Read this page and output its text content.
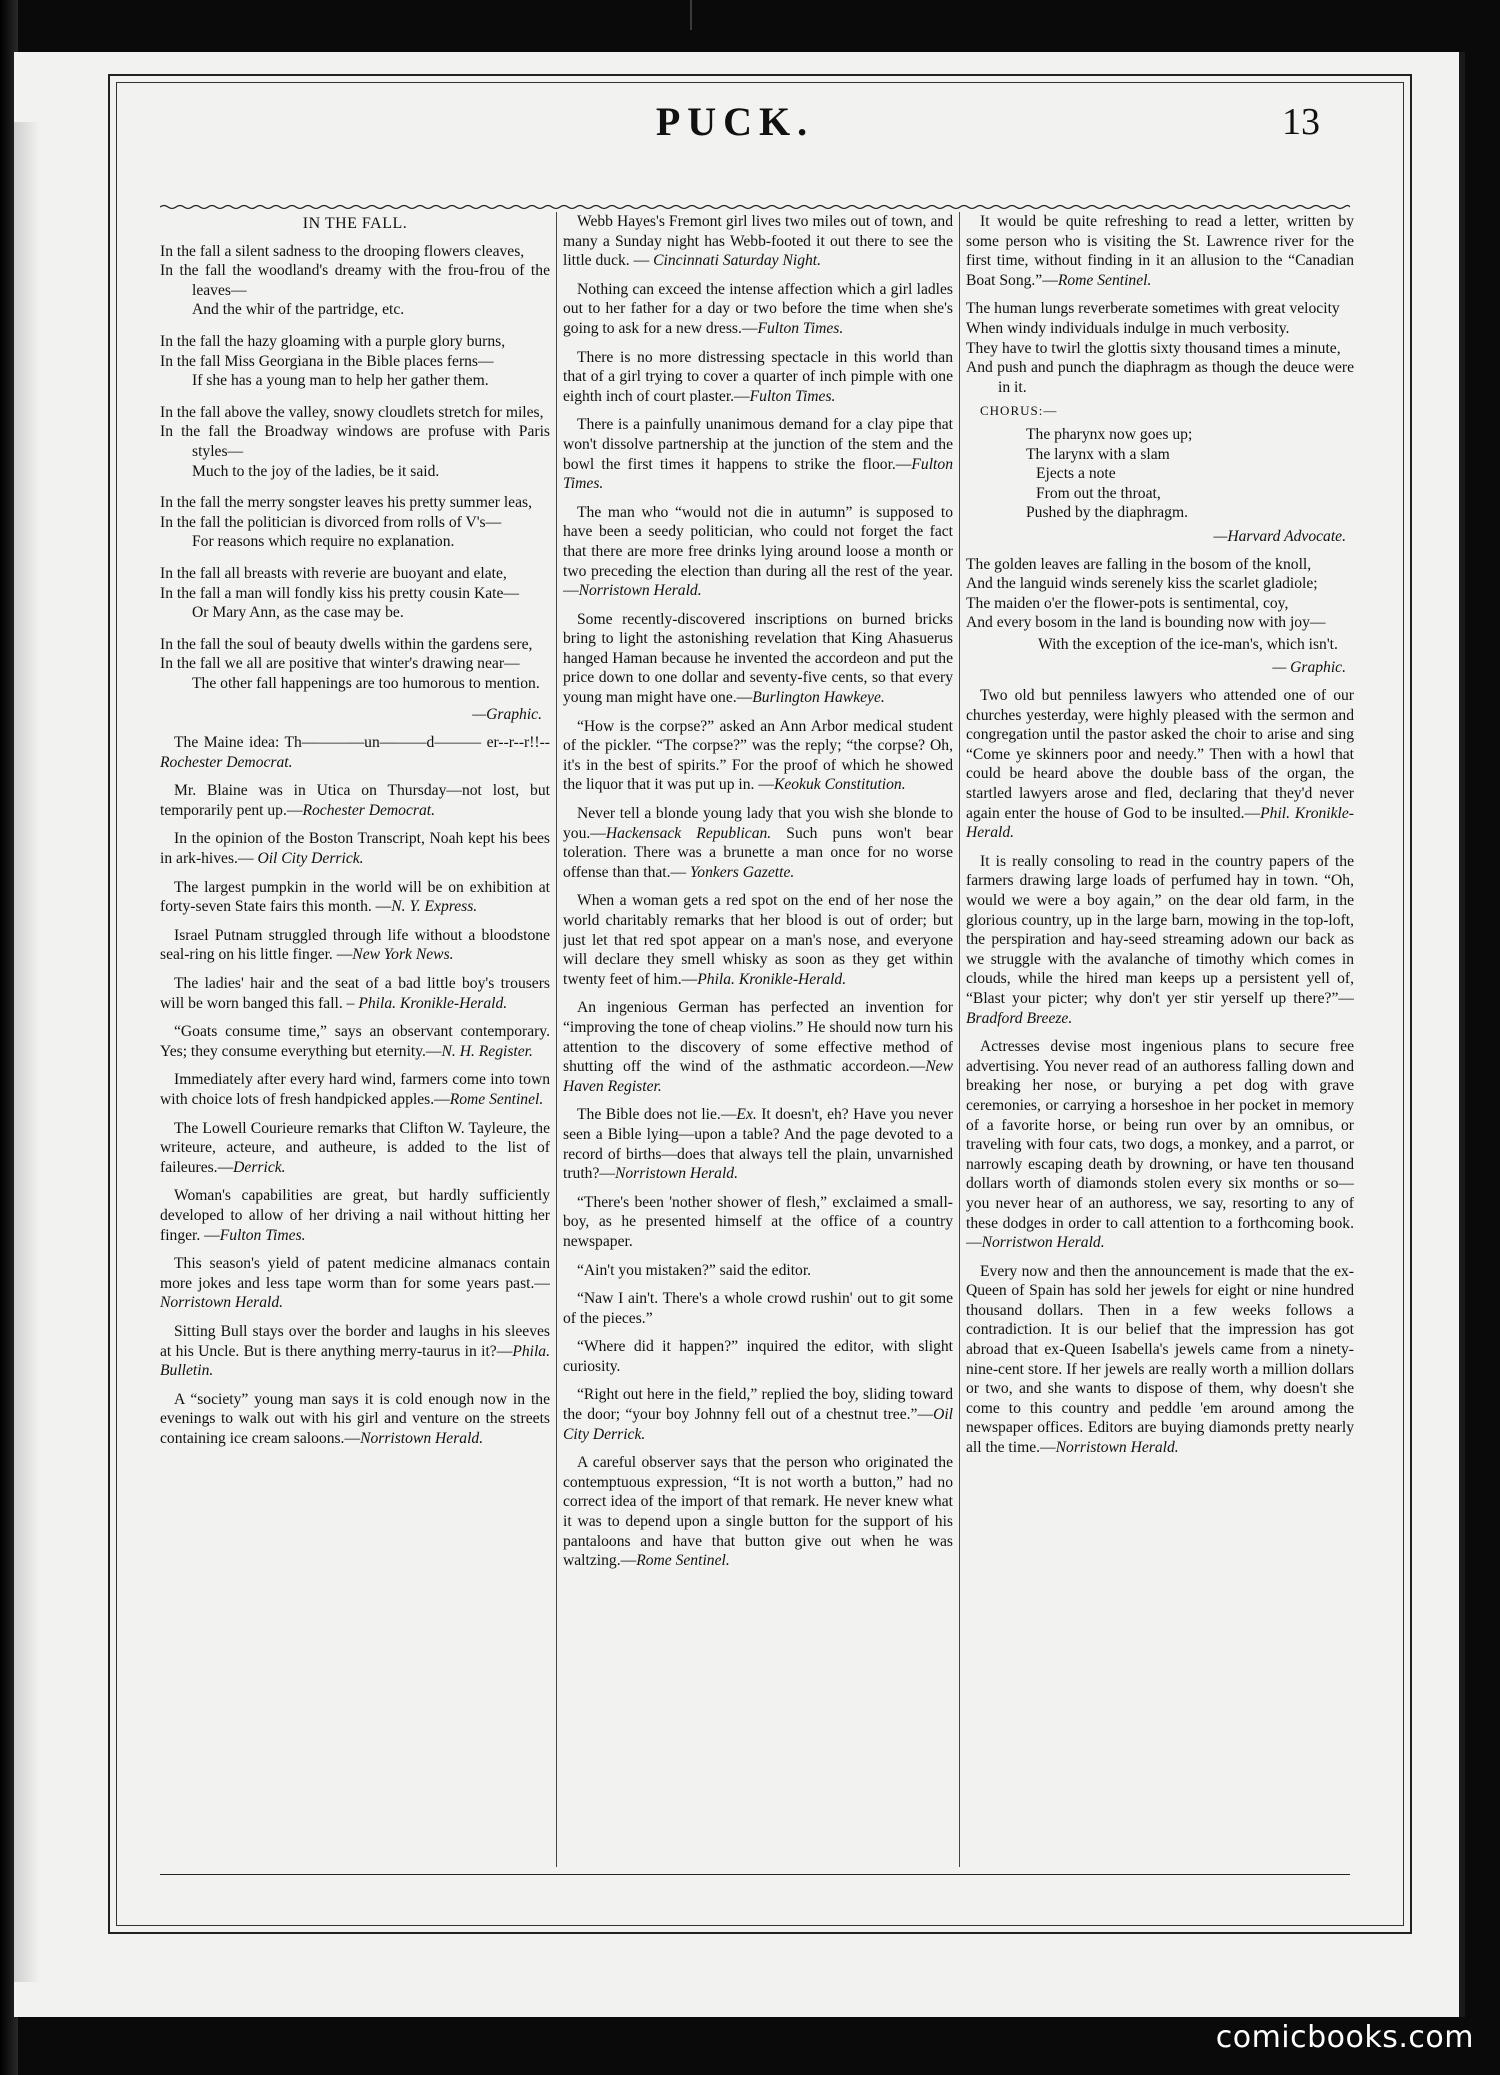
PUCK.	13
IN THE FALL.
In the fall a silent sadness to the drooping flowers cleaves,
In the fall the woodland's dreamy with the frou-frou of the leaves—
And the whir of the partridge, etc.
In the fall the hazy gloaming with a purple glory burns,
In the fall Miss Georgiana in the Bible places ferns—
If she has a young man to help her gather them.
In the fall above the valley, snowy cloudlets stretch for miles,
In the fall the Broadway windows are profuse with Paris styles—
Much to the joy of the ladies, be it said.
In the fall the merry songster leaves his pretty summer leas,
In the fall the politician is divorced from rolls of V's—
For reasons which require no explanation.
In the fall all breasts with reverie are buoyant and elate,
In the fall a man will fondly kiss his pretty cousin Kate—
Or Mary Ann, as the case may be.
In the fall the soul of beauty dwells within the gardens sere,
In the fall we all are positive that winter's drawing near—
The other fall happenings are too humorous to mention.
—Graphic.

The Maine idea: Th————un———d——— er--r--r!!--Rochester Democrat.

Mr. Blaine was in Utica on Thursday—not lost, but temporarily pent up.—Rochester Democrat.

In the opinion of the Boston Transcript, Noah kept his bees in ark-hives.— Oil City Derrick.

The largest pumpkin in the world will be on exhibition at forty-seven State fairs this month. —N. Y. Express.

Israel Putnam struggled through life without a bloodstone seal-ring on his little finger. —New York News.

The ladies' hair and the seat of a bad little boy's trousers will be worn banged this fall. – Phila. Kronikle-Herald.

“Goats consume time,” says an observant contemporary. Yes; they consume everything but eternity.—N. H. Register.

Immediately after every hard wind, farmers come into town with choice lots of fresh handpicked apples.—Rome Sentinel.

The Lowell Courieure remarks that Clifton W. Tayleure, the writeure, acteure, and autheure, is added to the list of faileures.—Derrick.

Woman's capabilities are great, but hardly sufficiently developed to allow of her driving a nail without hitting her finger. —Fulton Times.

This season's yield of patent medicine almanacs contain more jokes and less tape worm than for some years past.—Norristown Herald.

Sitting Bull stays over the border and laughs in his sleeves at his Uncle. But is there anything merry-taurus in it?—Phila. Bulletin.

A “society” young man says it is cold enough now in the evenings to walk out with his girl and venture on the streets containing ice cream saloons.—Norristown Herald.

Webb Hayes's Fremont girl lives two miles out of town, and many a Sunday night has Webb-footed it out there to see the little duck. — Cincinnati Saturday Night.

Nothing can exceed the intense affection which a girl ladles out to her father for a day or two before the time when she's going to ask for a new dress.—Fulton Times.

There is no more distressing spectacle in this world than that of a girl trying to cover a quarter of inch pimple with one eighth inch of court plaster.—Fulton Times.

There is a painfully unanimous demand for a clay pipe that won't dissolve partnership at the junction of the stem and the bowl the first times it happens to strike the floor.—Fulton Times.

The man who “would not die in autumn” is supposed to have been a seedy politician, who could not forget the fact that there are more free drinks lying around loose a month or two preceding the election than during all the rest of the year.—Norristown Herald.

Some recently-discovered inscriptions on burned bricks bring to light the astonishing revelation that King Ahasuerus hanged Haman because he invented the accordeon and put the price down to one dollar and seventy-five cents, so that every young man might have one.—Burlington Hawkeye.

“How is the corpse?” asked an Ann Arbor medical student of the pickler. “The corpse?” was the reply; “the corpse? Oh, it's in the best of spirits.” For the proof of which he showed the liquor that it was put up in. —Keokuk Constitution.

Never tell a blonde young lady that you wish she blonde to you.—Hackensack Republican. Such puns won't bear toleration. There was a brunette a man once for no worse offense than that.— Yonkers Gazette.

When a woman gets a red spot on the end of her nose the world charitably remarks that her blood is out of order; but just let that red spot appear on a man's nose, and everyone will declare they smell whisky as soon as they get within twenty feet of him.—Phila. Kronikle-Herald.

An ingenious German has perfected an invention for “improving the tone of cheap violins.” He should now turn his attention to the discovery of some effective method of shutting off the wind of the asthmatic accordeon.—New Haven Register.

The Bible does not lie.—Ex. It doesn't, eh? Have you never seen a Bible lying—upon a table? And the page devoted to a record of births—does that always tell the plain, unvarnished truth?—Norristown Herald.

“There's been 'nother shower of flesh,” exclaimed a small-boy, as he presented himself at the office of a country newspaper.

“Ain't you mistaken?” said the editor.

“Naw I ain't. There's a whole crowd rushin' out to git some of the pieces.”

“Where did it happen?” inquired the editor, with slight curiosity.

“Right out here in the field,” replied the boy, sliding toward the door; “your boy Johnny fell out of a chestnut tree.”—Oil City Derrick.

A careful observer says that the person who originated the contemptuous expression, “It is not worth a button,” had no correct idea of the import of that remark. He never knew what it was to depend upon a single button for the support of his pantaloons and have that button give out when he was waltzing.—Rome Sentinel.

It would be quite refreshing to read a letter, written by some person who is visiting the St. Lawrence river for the first time, without finding in it an allusion to the “Canadian Boat Song.”—Rome Sentinel.

The human lungs reverberate sometimes with great velocity
When windy individuals indulge in much verbosity.
They have to twirl the glottis sixty thousand times a minute,
And push and punch the diaphragm as though the deuce were in it.
CHORUS:—
The pharynx now goes up;
The larynx with a slam
Ejects a note
From out the throat,
Pushed by the diaphragm.
—Harvard Advocate.
The golden leaves are falling in the bosom of the knoll,
And the languid winds serenely kiss the scarlet gladiole;
The maiden o'er the flower-pots is sentimental, coy,
And every bosom in the land is bounding now with joy—
With the exception of the ice-man's, which isn't.
— Graphic.

Two old but penniless lawyers who attended one of our churches yesterday, were highly pleased with the sermon and congregation until the pastor asked the choir to arise and sing “Come ye skinners poor and needy.” Then with a howl that could be heard above the double bass of the organ, the startled lawyers arose and fled, declaring that they'd never again enter the house of God to be insulted.—Phil. Kronikle-Herald.

It is really consoling to read in the country papers of the farmers drawing large loads of perfumed hay in town. “Oh, would we were a boy again,” on the dear old farm, in the glorious country, up in the large barn, mowing in the top-loft, the perspiration and hay-seed streaming adown our back as we struggle with the avalanche of timothy which comes in clouds, while the hired man keeps up a persistent yell of, “Blast your picter; why don't yer stir yerself up there?”—Bradford Breeze.

Actresses devise most ingenious plans to secure free advertising. You never read of an authoress falling down and breaking her nose, or burying a pet dog with grave ceremonies, or carrying a horseshoe in her pocket in memory of a favorite horse, or being run over by an omnibus, or traveling with four cats, two dogs, a monkey, and a parrot, or narrowly escaping death by drowning, or have ten thousand dollars worth of diamonds stolen every six months or so—you never hear of an authoress, we say, resorting to any of these dodges in order to call attention to a forthcoming book.—Norristwon Herald.

Every now and then the announcement is made that the ex-Queen of Spain has sold her jewels for eight or nine hundred thousand dollars. Then in a few weeks follows a contradiction. It is our belief that the impression has got abroad that ex-Queen Isabella's jewels came from a ninety-nine-cent store. If her jewels are really worth a million dollars or two, and she wants to dispose of them, why doesn't she come to this country and peddle 'em around among the newspaper offices. Editors are buying diamonds pretty nearly all the time.—Norristown Herald.

comicbooks.com
